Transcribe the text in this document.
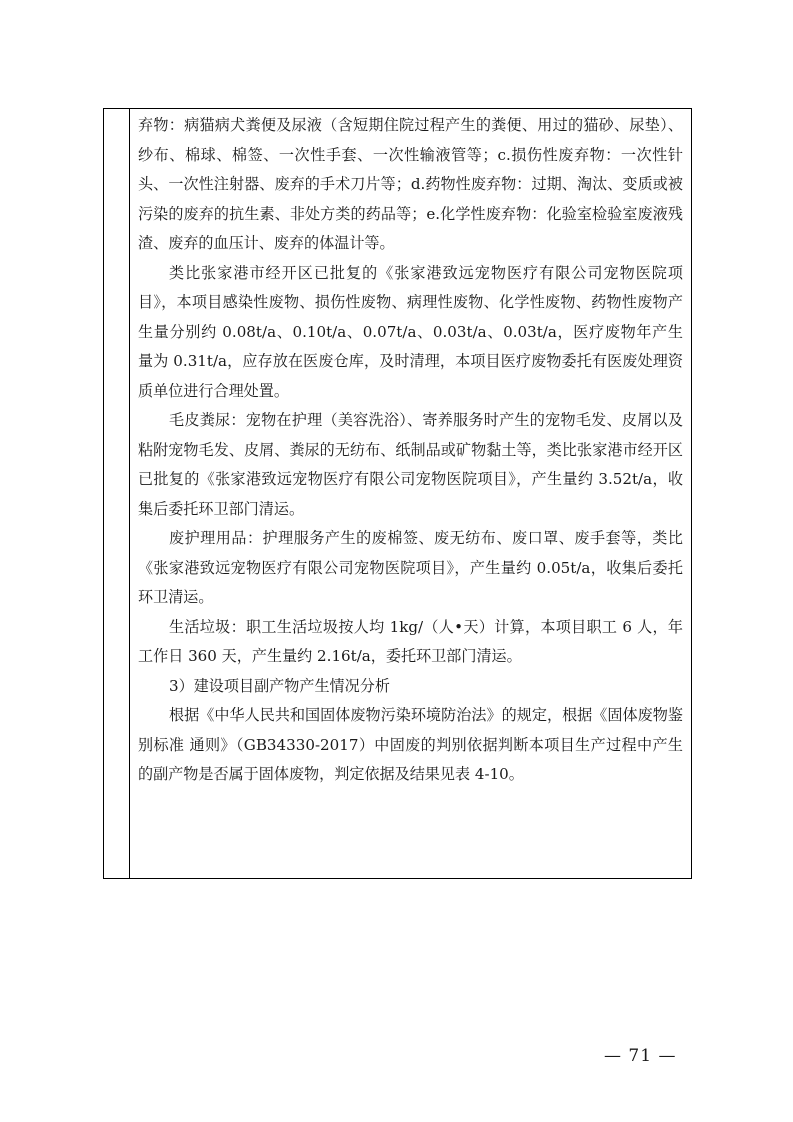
弃物：病猫病犬粪便及尿液（含短期住院过程产生的粪便、用过的猫砂、尿垫）、纱布、棉球、棉签、一次性手套、一次性输液管等；c.损伤性废弃物：一次性针头、一次性注射器、废弃的手术刀片等；d.药物性废弃物：过期、淘汰、变质或被污染的废弃的抗生素、非处方类的药品等；e.化学性废弃物：化验室检验室废液残渣、废弃的血压计、废弃的体温计等。

类比张家港市经开区已批复的《张家港致远宠物医疗有限公司宠物医院项目》，本项目感染性废物、损伤性废物、病理性废物、化学性废物、药物性废物产生量分别约 0.08t/a、0.10t/a、0.07t/a、0.03t/a、0.03t/a，医疗废物年产生量为 0.31t/a，应存放在医废仓库，及时清理，本项目医疗废物委托有医废处理资质单位进行合理处置。

毛皮粪尿：宠物在护理（美容洗浴）、寄养服务时产生的宠物毛发、皮屑以及粘附宠物毛发、皮屑、粪尿的无纺布、纸制品或矿物黏土等，类比张家港市经开区已批复的《张家港致远宠物医疗有限公司宠物医院项目》，产生量约 3.52t/a，收集后委托环卫部门清运。

废护理用品：护理服务产生的废棉签、废无纺布、废口罩、废手套等，类比《张家港致远宠物医疗有限公司宠物医院项目》，产生量约 0.05t/a，收集后委托环卫清运。

生活垃圾：职工生活垃圾按人均 1kg/（人•天）计算，本项目职工 6 人，年工作日 360 天，产生量约 2.16t/a，委托环卫部门清运。

3）建设项目副产物产生情况分析

根据《中华人民共和国固体废物污染环境防治法》的规定，根据《固体废物鉴别标准 通则》（GB34330-2017）中固废的判别依据判断本项目生产过程中产生的副产物是否属于固体废物，判定依据及结果见表 4-10。

— 71 —
